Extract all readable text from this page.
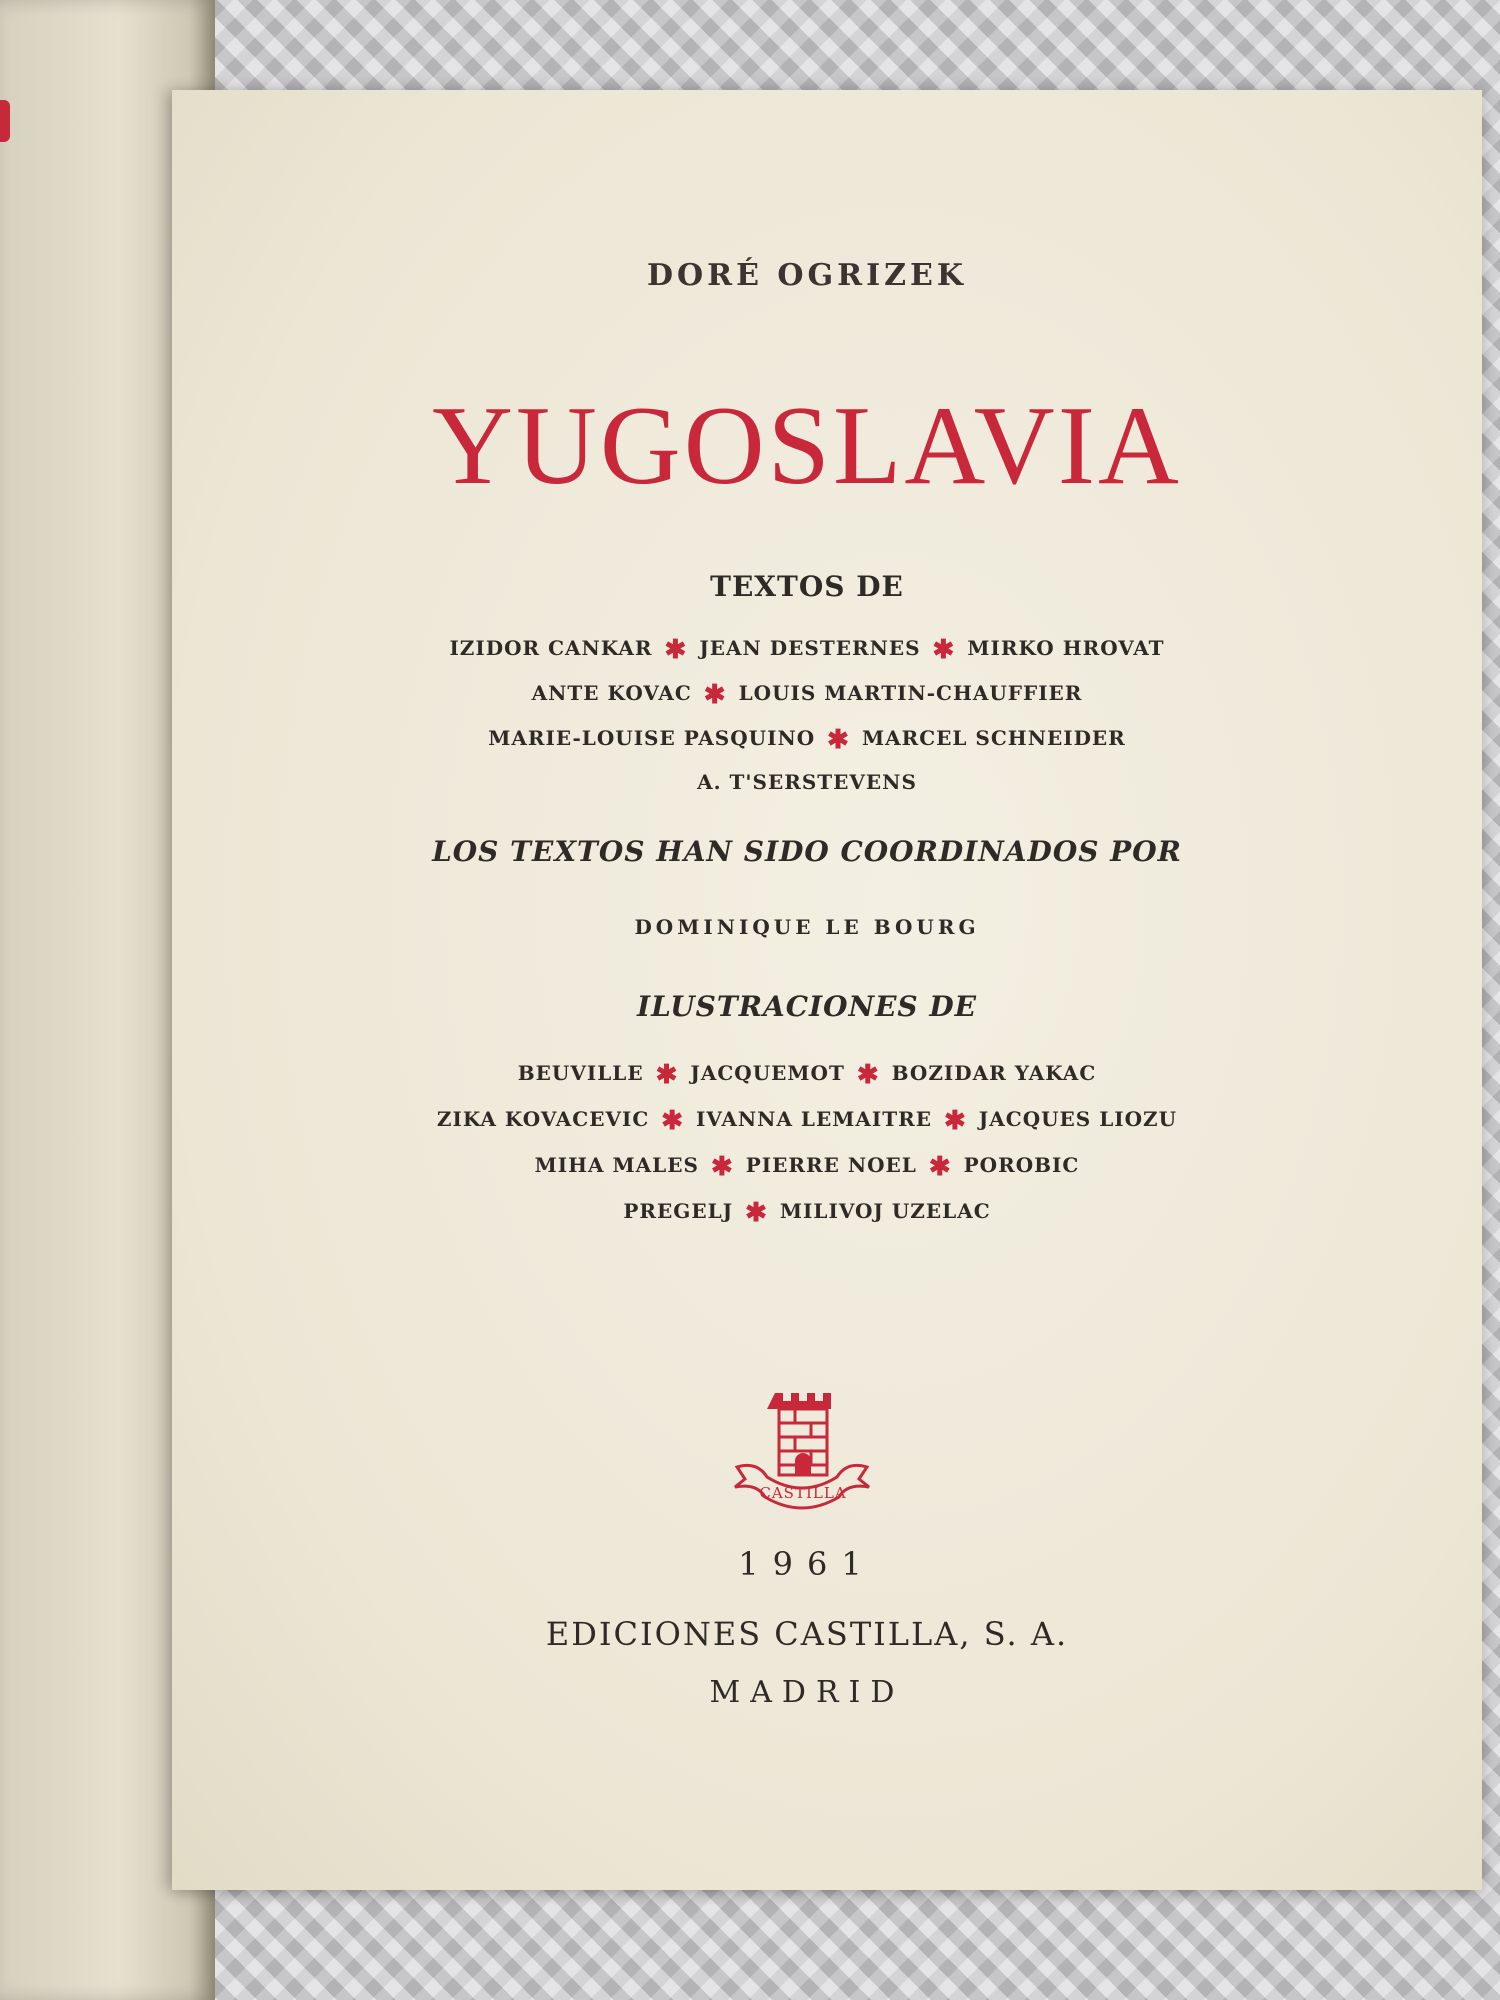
DORÉ OGRIZEK
YUGOSLAVIA
TEXTOS DE
IZIDOR CANKAR ✱ JEAN DESTERNES ✱ MIRKO HROVAT
ANTE KOVAC ✱ LOUIS MARTIN-CHAUFFIER
MARIE-LOUISE PASQUINO ✱ MARCEL SCHNEIDER
A. T'SERSTEVENS
LOS TEXTOS HAN SIDO COORDINADOS POR
DOMINIQUE LE BOURG
ILUSTRACIONES DE
BEUVILLE ✱ JACQUEMOT ✱ BOZIDAR YAKAC
ZIKA KOVACEVIC ✱ IVANNA LEMAITRE ✱ JACQUES LIOZU
MIHA MALES ✱ PIERRE NOEL ✱ POROBIC
PREGELJ ✱ MILIVOJ UZELAC
CASTILLA
1961
EDICIONES CASTILLA, S. A.
MADRID
